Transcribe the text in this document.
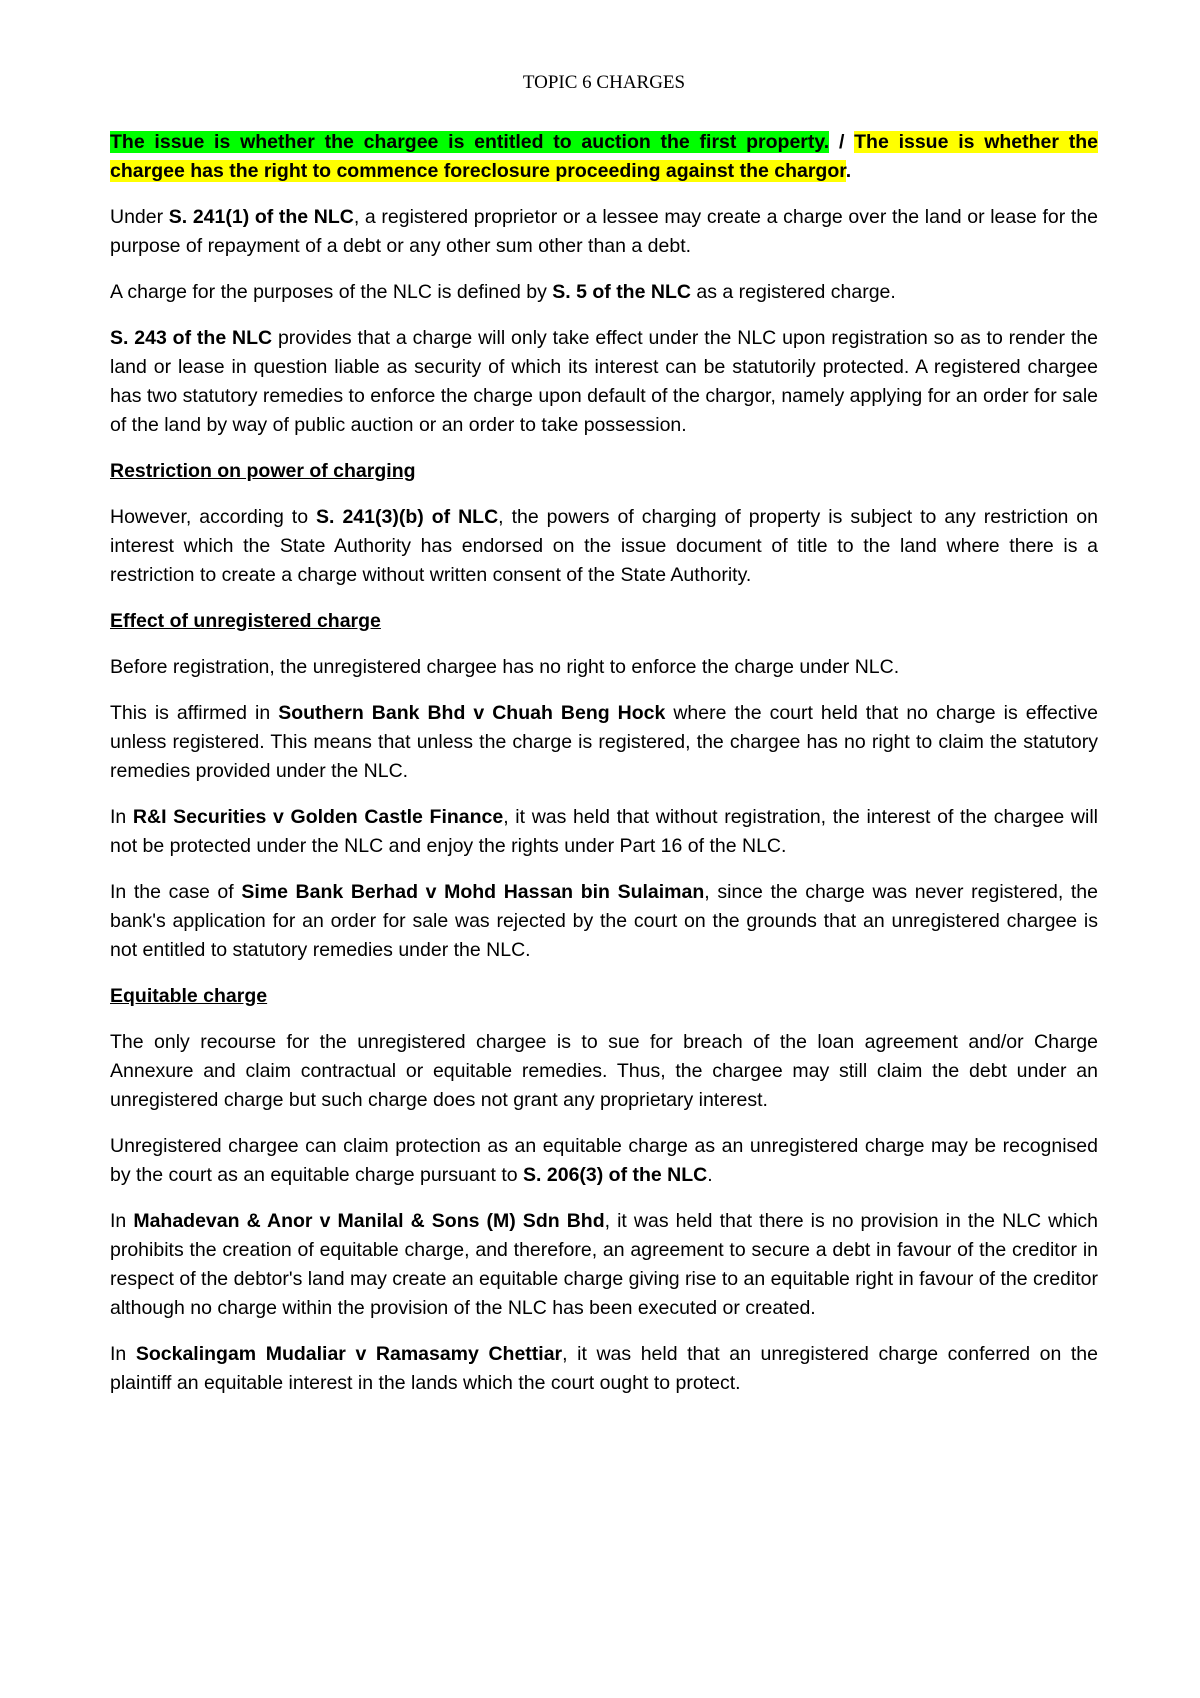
TOPIC 6 CHARGES

The issue is whether the chargee is entitled to auction the first property. / The issue is whether the chargee has the right to commence foreclosure proceeding against the chargor.

Under S. 241(1) of the NLC, a registered proprietor or a lessee may create a charge over the land or lease for the purpose of repayment of a debt or any other sum other than a debt.

A charge for the purposes of the NLC is defined by S. 5 of the NLC as a registered charge.

S. 243 of the NLC provides that a charge will only take effect under the NLC upon registration so as to render the land or lease in question liable as security of which its interest can be statutorily protected. A registered chargee has two statutory remedies to enforce the charge upon default of the chargor, namely applying for an order for sale of the land by way of public auction or an order to take possession.

Restriction on power of charging

However, according to S. 241(3)(b) of NLC, the powers of charging of property is subject to any restriction on interest which the State Authority has endorsed on the issue document of title to the land where there is a restriction to create a charge without written consent of the State Authority.

Effect of unregistered charge

Before registration, the unregistered chargee has no right to enforce the charge under NLC.

This is affirmed in Southern Bank Bhd v Chuah Beng Hock where the court held that no charge is effective unless registered. This means that unless the charge is registered, the chargee has no right to claim the statutory remedies provided under the NLC.

In R&I Securities v Golden Castle Finance, it was held that without registration, the interest of the chargee will not be protected under the NLC and enjoy the rights under Part 16 of the NLC.

In the case of Sime Bank Berhad v Mohd Hassan bin Sulaiman, since the charge was never registered, the bank's application for an order for sale was rejected by the court on the grounds that an unregistered chargee is not entitled to statutory remedies under the NLC.

Equitable charge

The only recourse for the unregistered chargee is to sue for breach of the loan agreement and/or Charge Annexure and claim contractual or equitable remedies. Thus, the chargee may still claim the debt under an unregistered charge but such charge does not grant any proprietary interest.

Unregistered chargee can claim protection as an equitable charge as an unregistered charge may be recognised by the court as an equitable charge pursuant to S. 206(3) of the NLC.

In Mahadevan & Anor v Manilal & Sons (M) Sdn Bhd, it was held that there is no provision in the NLC which prohibits the creation of equitable charge, and therefore, an agreement to secure a debt in favour of the creditor in respect of the debtor's land may create an equitable charge giving rise to an equitable right in favour of the creditor although no charge within the provision of the NLC has been executed or created.

In Sockalingam Mudaliar v Ramasamy Chettiar, it was held that an unregistered charge conferred on the plaintiff an equitable interest in the lands which the court ought to protect.
